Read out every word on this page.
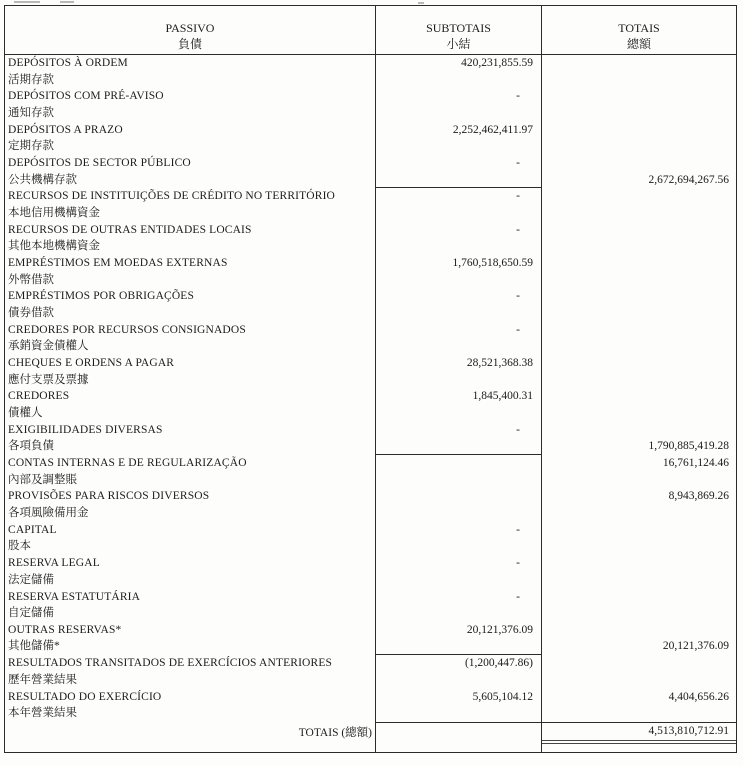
PASSIVO
負債
SUBTOTAIS
小結
TOTAIS
總額
DEPÓSITOS À ORDEM
活期存款
420,231,855.59
DEPÓSITOS COM PRÉ-AVISO
通知存款
-
DEPÓSITOS A PRAZO
定期存款
2,252,462,411.97
DEPÓSITOS DE SECTOR PÚBLICO
公共機構存款
-
2,672,694,267.56
RECURSOS DE INSTITUIÇÕES DE CRÉDITO NO TERRITÓRIO
本地信用機構資金
-
RECURSOS DE OUTRAS ENTIDADES LOCAIS
其他本地機構資金
-
EMPRÉSTIMOS EM MOEDAS EXTERNAS
外幣借款
1,760,518,650.59
EMPRÉSTIMOS POR OBRIGAÇÕES
債券借款
-
CREDORES POR RECURSOS CONSIGNADOS
承銷資金債權人
-
CHEQUES E ORDENS A PAGAR
應付支票及票據
28,521,368.38
CREDORES
債權人
1,845,400.31
EXIGIBILIDADES DIVERSAS
各項負債
-
1,790,885,419.28
CONTAS INTERNAS E DE REGULARIZAÇÃO
內部及調整賬
16,761,124.46
PROVISÕES PARA RISCOS DIVERSOS
各項風險備用金
8,943,869.26
CAPITAL
股本
-
RESERVA LEGAL
法定儲備
-
RESERVA ESTATUTÁRIA
自定儲備
-
OUTRAS RESERVAS*
其他儲備*
20,121,376.09
20,121,376.09
RESULTADOS TRANSITADOS DE EXERCÍCIOS ANTERIORES
歷年營業結果
(1,200,447.86)
RESULTADO DO EXERCÍCIO
本年營業結果
5,605,104.12	4,404,656.26
TOTAIS (總額)	4,513,810,712.91
